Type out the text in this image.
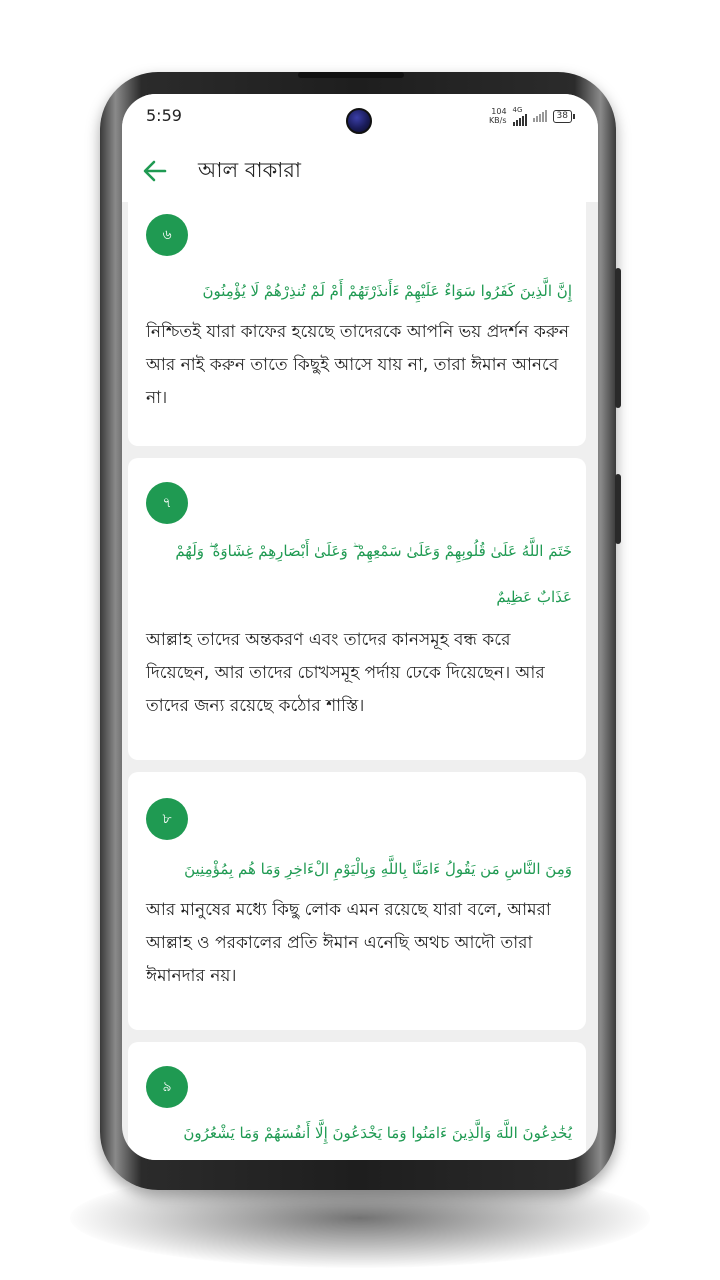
5:59	104
KB/s
4G
38
আল বাকারা
৬
إِنَّ الَّذِينَ كَفَرُوا سَوَاءٌ عَلَيْهِمْ ءَأَنذَرْتَهُمْ أَمْ لَمْ تُنذِرْهُمْ لَا يُؤْمِنُونَ
নিশ্চিতই যারা কাফের হয়েছে তাদেরকে আপনি ভয় প্রদর্শন করুন আর নাই করুন তাতে কিছুই আসে যায় না, তারা ঈমান আনবে না।
৭
خَتَمَ اللَّهُ عَلَىٰ قُلُوبِهِمْ وَعَلَىٰ سَمْعِهِمْ ۖ وَعَلَىٰ أَبْصَارِهِمْ غِشَاوَةٌ ۖ وَلَهُمْ عَذَابٌ عَظِيمٌ
আল্লাহ তাদের অন্তকরণ এবং তাদের কানসমূহ বন্ধ করে দিয়েছেন, আর তাদের চোখসমূহ পর্দায় ঢেকে দিয়েছেন। আর তাদের জন্য রয়েছে কঠোর শাস্তি।
৮
وَمِنَ النَّاسِ مَن يَقُولُ ءَامَنَّا بِاللَّهِ وَبِالْيَوْمِ الْءَاخِرِ وَمَا هُم بِمُؤْمِنِينَ
আর মানুষের মধ্যে কিছু লোক এমন রয়েছে যারা বলে, আমরা আল্লাহ ও পরকালের প্রতি ঈমান এনেছি অথচ আদৌ তারা ঈমানদার নয়।
৯
يُخَٰدِعُونَ اللَّهَ وَالَّذِينَ ءَامَنُوا وَمَا يَخْدَعُونَ إِلَّا أَنفُسَهُمْ وَمَا يَشْعُرُونَ
